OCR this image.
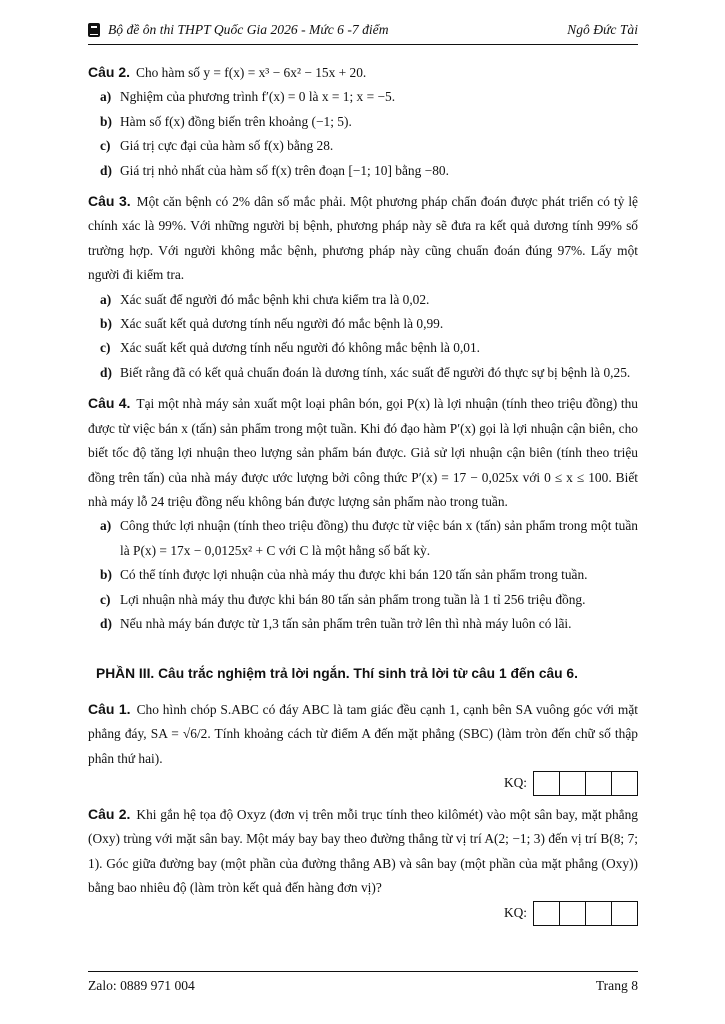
Bộ đề ôn thi THPT Quốc Gia 2026 - Mức 6 -7 điểm	Ngô Đức Tài

Câu 2. Cho hàm số y = f(x) = x³ − 6x² − 15x + 20.

a) Nghiệm của phương trình f′(x) = 0 là x = 1; x = −5.
b) Hàm số f(x) đồng biến trên khoảng (−1; 5).
c) Giá trị cực đại của hàm số f(x) bằng 28.
d) Giá trị nhỏ nhất của hàm số f(x) trên đoạn [−1; 10] bằng −80.

Câu 3. Một căn bệnh có 2% dân số mắc phải. Một phương pháp chẩn đoán được phát triển có tỷ lệ chính xác là 99%. Với những người bị bệnh, phương pháp này sẽ đưa ra kết quả dương tính 99% số trường hợp. Với người không mắc bệnh, phương pháp này cũng chuẩn đoán đúng 97%. Lấy một người đi kiểm tra.

a) Xác suất để người đó mắc bệnh khi chưa kiểm tra là 0,02.
b) Xác suất kết quả dương tính nếu người đó mắc bệnh là 0,99.
c) Xác suất kết quả dương tính nếu người đó không mắc bệnh là 0,01.
d) Biết rằng đã có kết quả chuẩn đoán là dương tính, xác suất để người đó thực sự bị bệnh là 0,25.

Câu 4. Tại một nhà máy sản xuất một loại phân bón, gọi P(x) là lợi nhuận (tính theo triệu đồng) thu được từ việc bán x (tấn) sản phẩm trong một tuần. Khi đó đạo hàm P′(x) gọi là lợi nhuận cận biên, cho biết tốc độ tăng lợi nhuận theo lượng sản phẩm bán được. Giả sử lợi nhuận cận biên (tính theo triệu đồng trên tấn) của nhà máy được ước lượng bởi công thức P′(x) = 17 − 0,025x với 0 ≤ x ≤ 100. Biết nhà máy lỗ 24 triệu đồng nếu không bán được lượng sản phẩm nào trong tuần.

a) Công thức lợi nhuận (tính theo triệu đồng) thu được từ việc bán x (tấn) sản phẩm trong một tuần là P(x) = 17x − 0,0125x² + C với C là một hằng số bất kỳ.
b) Có thể tính được lợi nhuận của nhà máy thu được khi bán 120 tấn sản phẩm trong tuần.
c) Lợi nhuận nhà máy thu được khi bán 80 tấn sản phẩm trong tuần là 1 tỉ 256 triệu đồng.
d) Nếu nhà máy bán được từ 1,3 tấn sản phẩm trên tuần trở lên thì nhà máy luôn có lãi.
PHẦN III. Câu trắc nghiệm trả lời ngắn. Thí sinh trả lời từ câu 1 đến câu 6.

Câu 1. Cho hình chóp S.ABC có đáy ABC là tam giác đều cạnh 1, cạnh bên SA vuông góc với mặt phẳng đáy, SA = √6/2. Tính khoảng cách từ điểm A đến mặt phẳng (SBC) (làm tròn đến chữ số thập phân thứ hai).

KQ:

Câu 2. Khi gắn hệ tọa độ Oxyz (đơn vị trên mỗi trục tính theo kilômét) vào một sân bay, mặt phẳng (Oxy) trùng với mặt sân bay. Một máy bay bay theo đường thẳng từ vị trí A(2; −1; 3) đến vị trí B(8; 7; 1). Góc giữa đường bay (một phần của đường thẳng AB) và sân bay (một phần của mặt phẳng (Oxy)) bằng bao nhiêu độ (làm tròn kết quả đến hàng đơn vị)?

KQ:
Zalo: 0889 971 004	Trang 8
